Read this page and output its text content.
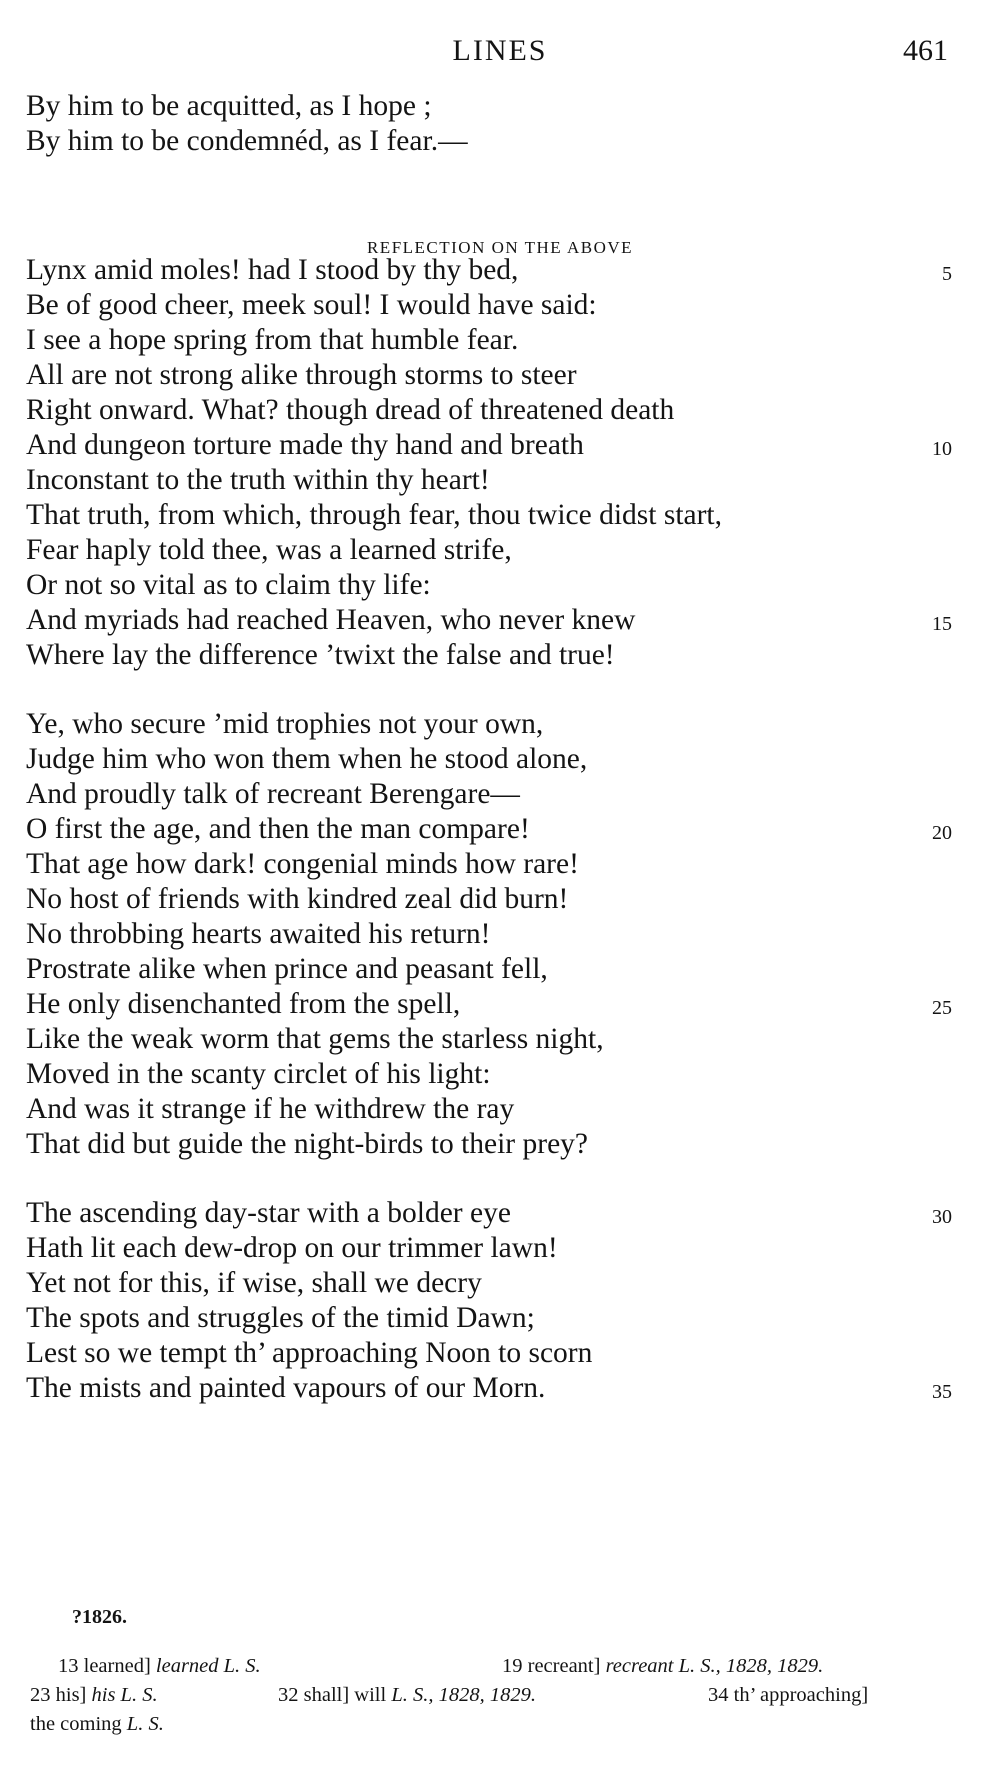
LINES	461
By him to be acquitted, as I hope ;
By him to be condemnéd, as I fear.—
REFLECTION ON THE ABOVE
Lynx amid moles! had I stood by thy bed,
Be of good cheer, meek soul! I would have said:
I see a hope spring from that humble fear.
All are not strong alike through storms to steer
Right onward. What? though dread of threatened death
And dungeon torture made thy hand and breath
Inconstant to the truth within thy heart!
That truth, from which, through fear, thou twice didst start,
Fear haply told thee, was a learned strife,
Or not so vital as to claim thy life:
And myriads had reached Heaven, who never knew
Where lay the difference ’twixt the false and true!
Ye, who secure ’mid trophies not your own,
Judge him who won them when he stood alone,
And proudly talk of recreant Berengare—
O first the age, and then the man compare!
That age how dark! congenial minds how rare!
No host of friends with kindred zeal did burn!
No throbbing hearts awaited his return!
Prostrate alike when prince and peasant fell,
He only disenchanted from the spell,
Like the weak worm that gems the starless night,
Moved in the scanty circlet of his light:
And was it strange if he withdrew the ray
That did but guide the night-birds to their prey?
The ascending day-star with a bolder eye
Hath lit each dew-drop on our trimmer lawn!
Yet not for this, if wise, shall we decry
The spots and struggles of the timid Dawn;
Lest so we tempt th’ approaching Noon to scorn
The mists and painted vapours of our Morn.
5
10
15
20
25
30
35
?1826.
13 learned] learned L. S.	19 recreant] recreant L. S., 1828, 1829.
23 his] his L. S.	32 shall] will L. S., 1828, 1829.	34 th’ approaching]
the coming L. S.
